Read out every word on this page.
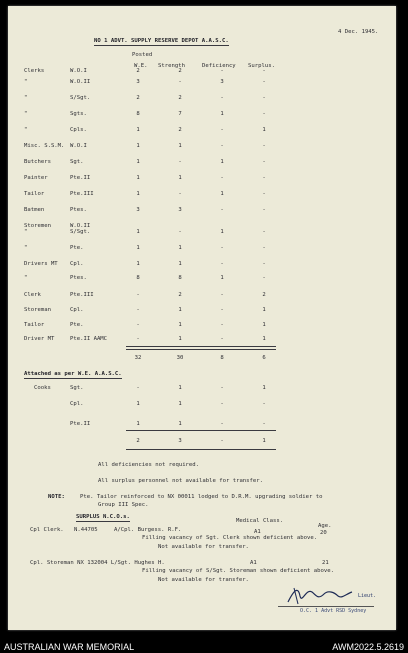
4 Dec. 1945.
NO 1 ADVT. SUPPLY RESERVE DEPOT A.A.S.C.
Posted
W.E. Strength	Deficiency Surplus.
Clerks	W.O.I	2	2	-	-
"	W.O.II	3	-	3	-
"	S/Sgt.	2	2	-	-
"	Sgts.	8	7	1	-
"	Cpls.	1	2	-	1
Misc. S.S.M. W.O.I	1	1	-	-
Butchers	Sgt.	1	-	1	-
Painter	Pte.II	1	1	-	-
Tailor	Pte.III	1	-	1	-
Batmen	Ptes.	3	3	-	-
Storemen	W.O.II
"	S/Sgt.	1	-	1	-
"	Pte.	1	1	-	-
Drivers MT Cpl.	1	1	-	-
"	Ptes.	8	8	1	-
Clerk	Pte.III	-	2	-	2
Storeman	Cpl.	-	1	-	1
Tailor	Pte.	-	1	-	1
Driver MT	Pte.II AAMC	-	1	-	1
32	30	8	6
Attached as per W.E. A.A.S.C.
Cooks	Sgt.	-	1	-	1
Cpl.	1	1	-	-
Pte.II	1	1	-	-
2	3	-	1
All deficiencies not required.
All surplus personnel not available for transfer.
NOTE:	Pte. Tailor reinforced to NX 00011 lodged to D.R.M. upgrading soldier to
Group III Spec.
SURPLUS N.C.O.s.
Medical Class.
Age.
Cpl Clerk. N.44705	A/Cpl. Burgess. R.F.	A1	20
Filling vacancy of Sgt. Clerk shown deficient above.
Not available for transfer.
Cpl. Storeman NX 132004 L/Sgt. Hughes H.	A1	21
Filling vacancy of S/Sgt. Storeman shown deficient above.
Not available for transfer.
Lieut.
O.C. 1 Advt RSD Sydney
AUSTRALIAN WAR MEMORIAL	AWM2022.5.2619
